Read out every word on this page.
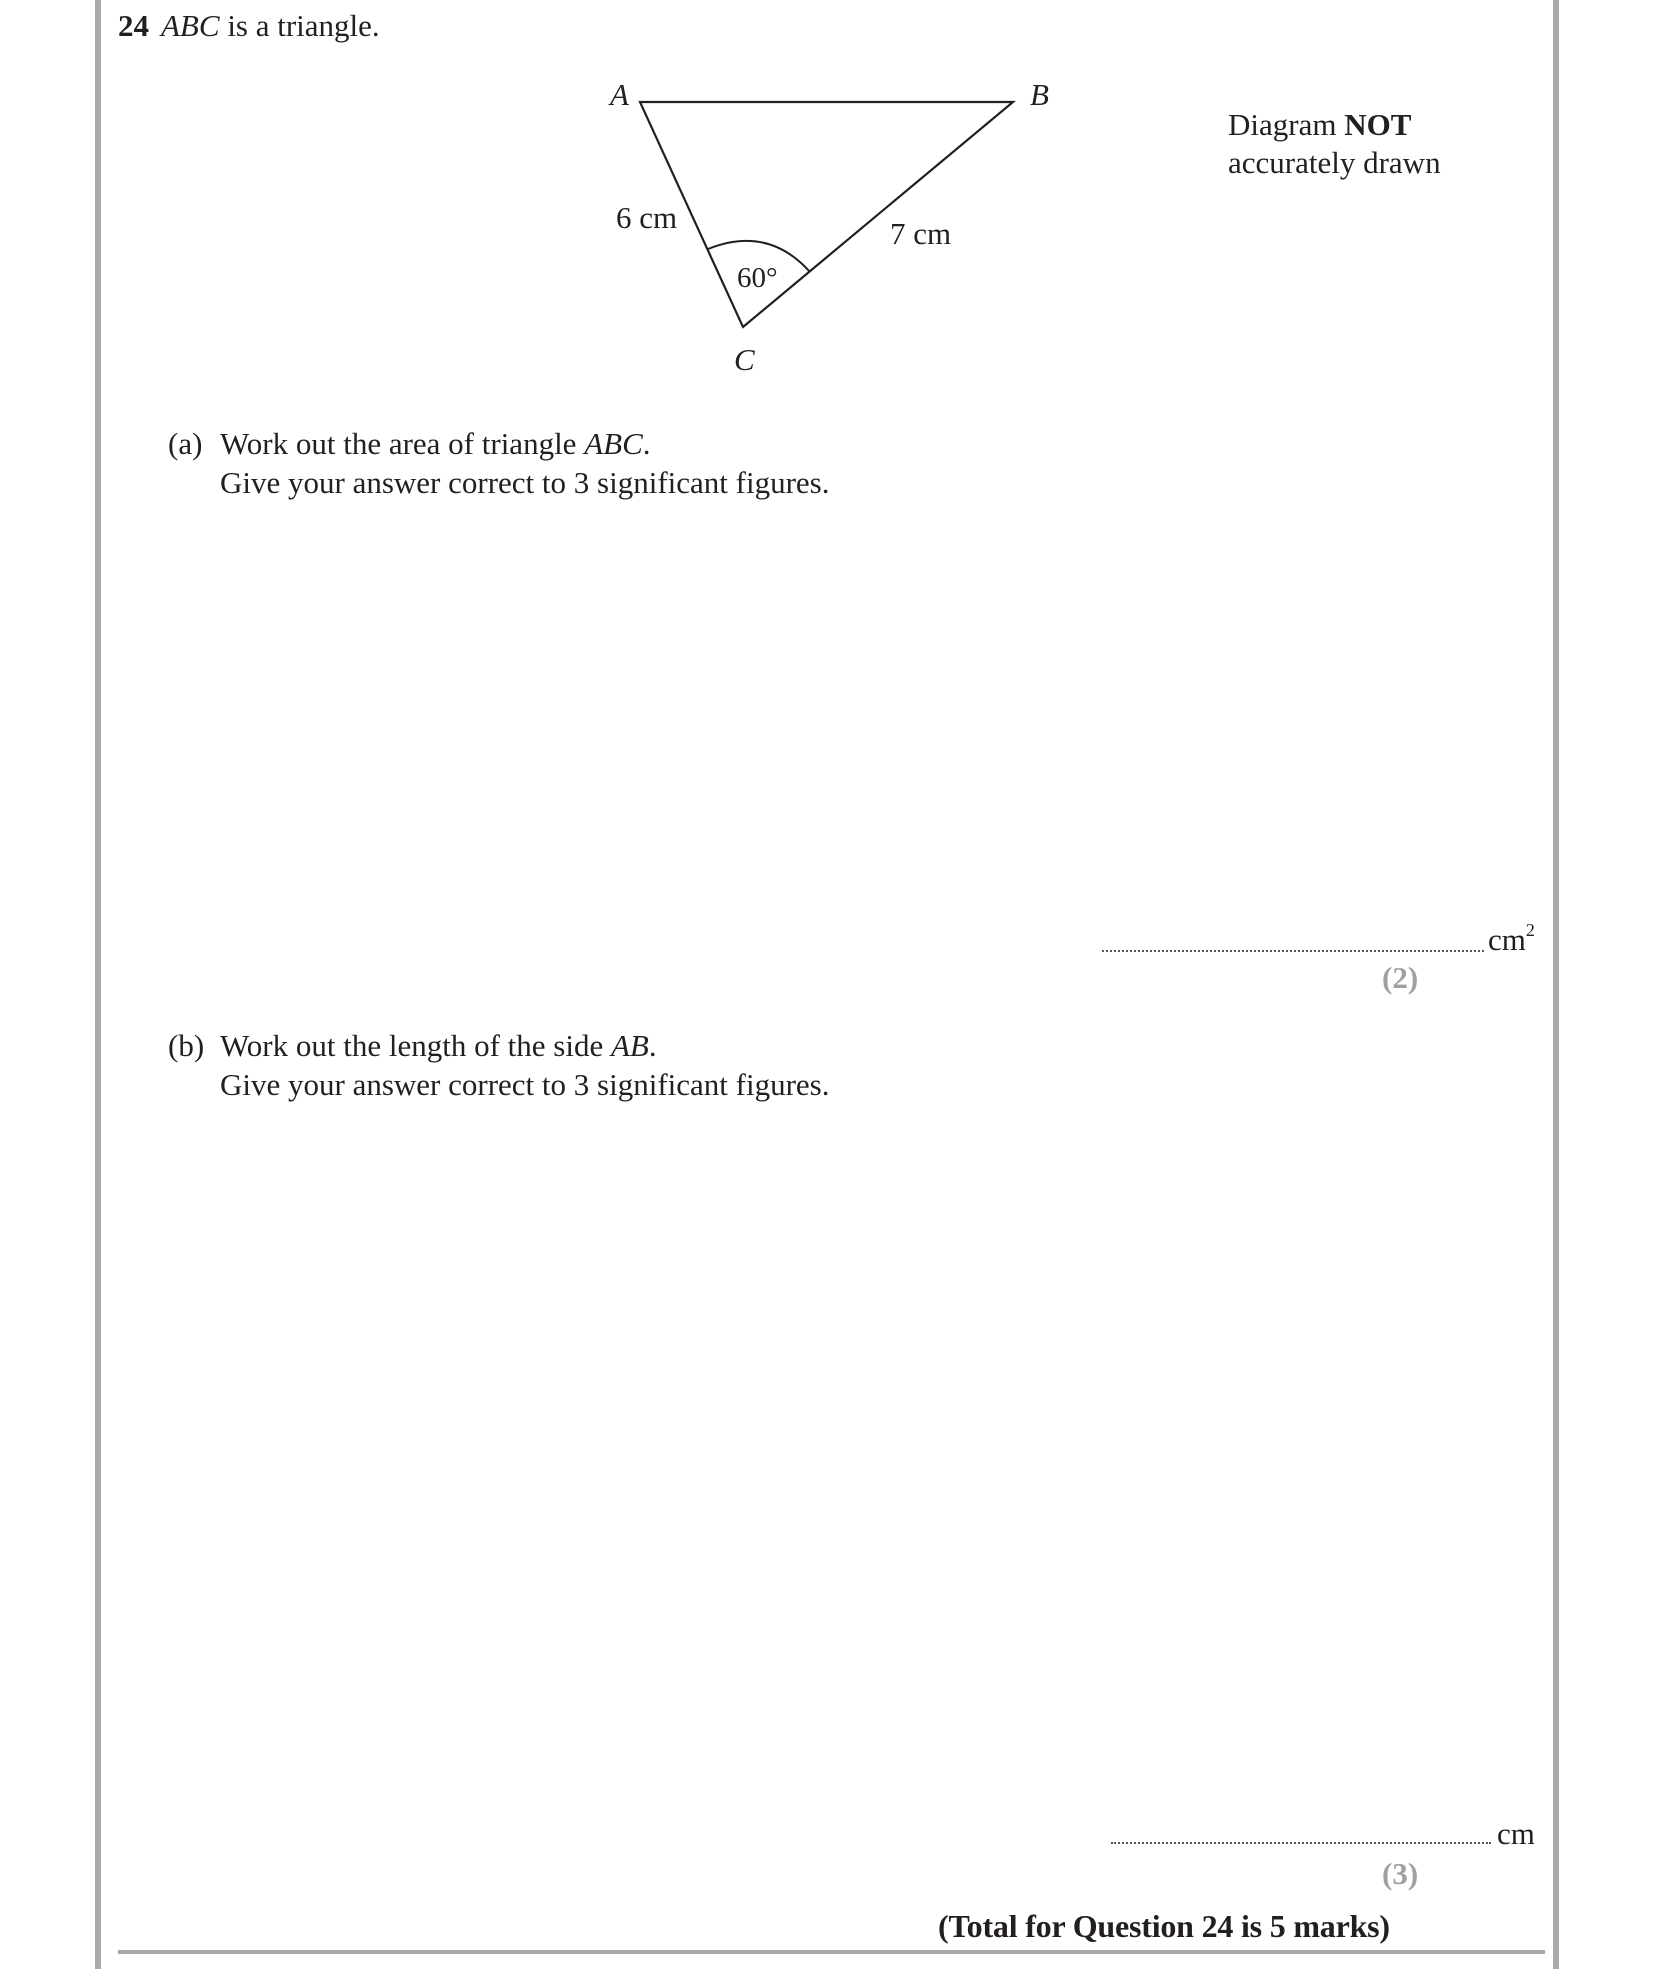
24 ABC is a triangle.
A	B
C
6 cm	7 cm
60°
Diagram NOT
accurately drawn
(a) Work out the area of triangle ABC.
Give your answer correct to 3 significant figures.
$cm^2$
(2)
(b) Work out the length of the side AB.
Give your answer correct to 3 significant figures.
cm
(3)
(Total for Question 24 is 5 marks)
